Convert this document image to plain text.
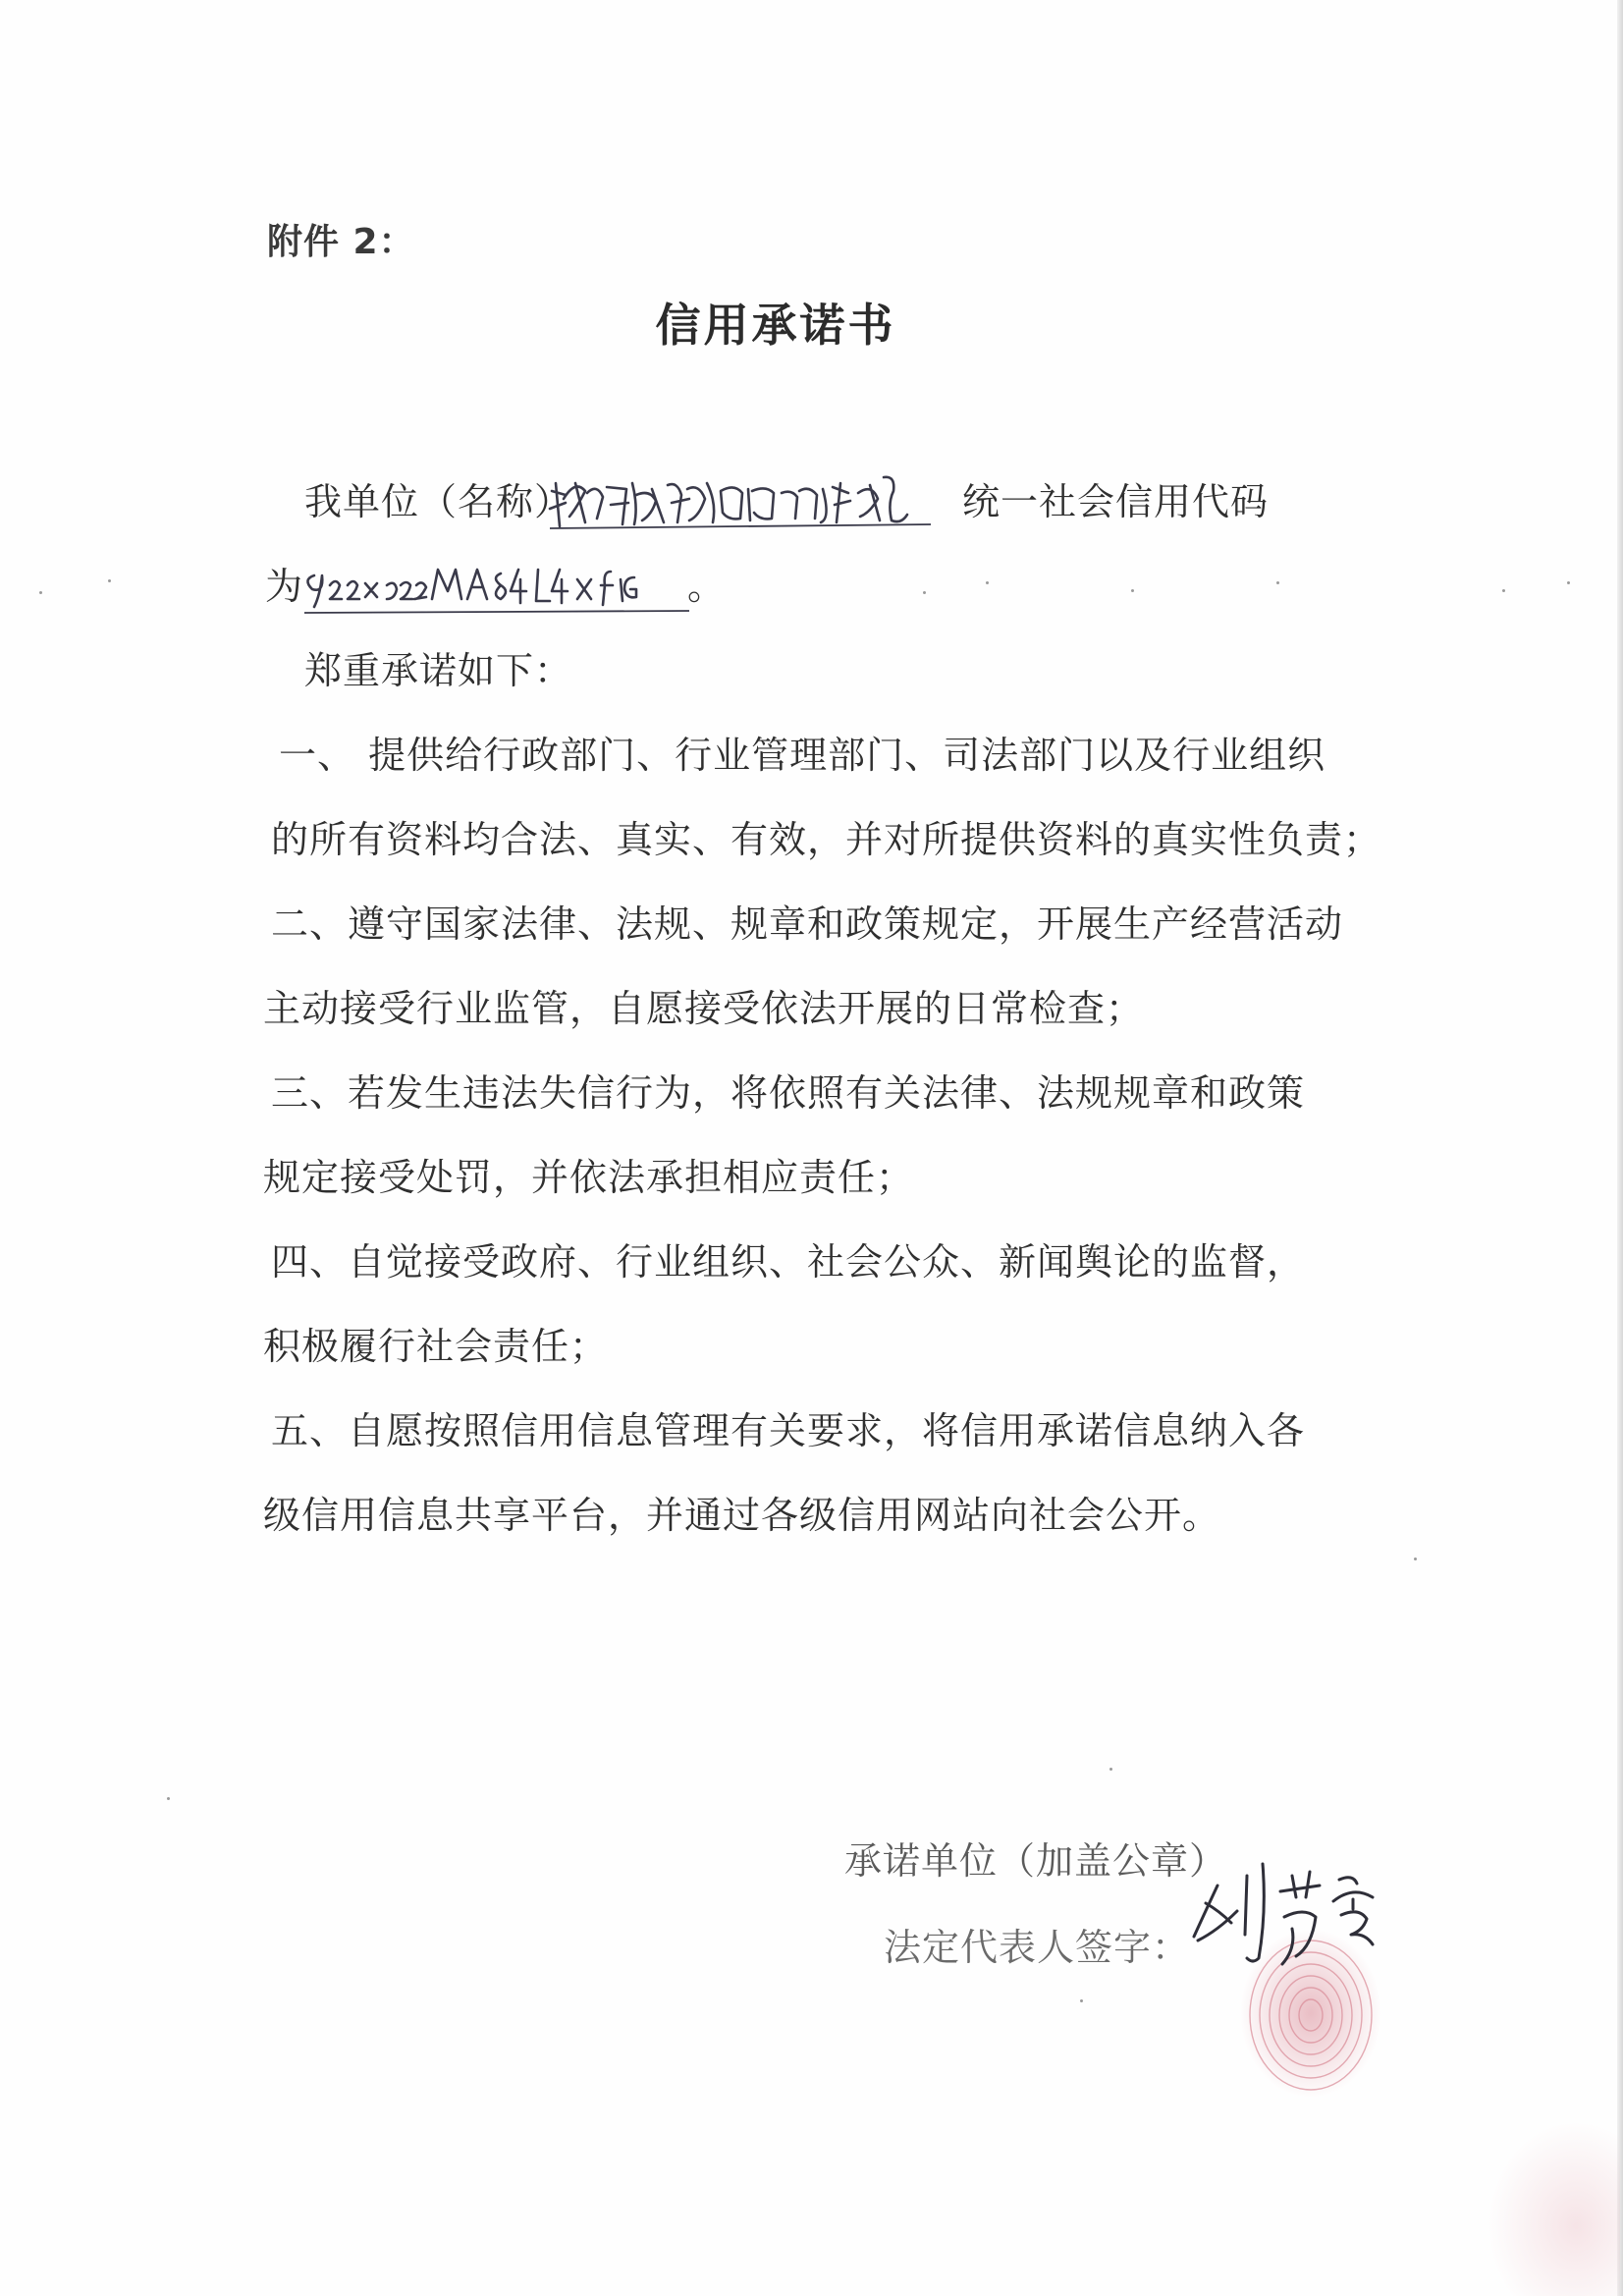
附件 2：
信用承诺书
我单位（名称）	统一社会信用代码
为	。
郑重承诺如下：
一、 提供给行政部门、行业管理部门、司法部门以及行业组织
的所有资料均合法、真实、有效，并对所提供资料的真实性负责；
二、遵守国家法律、法规、规章和政策规定，开展生产经营活动
主动接受行业监管，自愿接受依法开展的日常检查；
三、若发生违法失信行为，将依照有关法律、法规规章和政策
规定接受处罚，并依法承担相应责任；
四、自觉接受政府、行业组织、社会公众、新闻舆论的监督，
积极履行社会责任；
五、自愿按照信用信息管理有关要求，将信用承诺信息纳入各
级信用信息共享平台，并通过各级信用网站向社会公开。
承诺单位（加盖公章）
法定代表人签字：
